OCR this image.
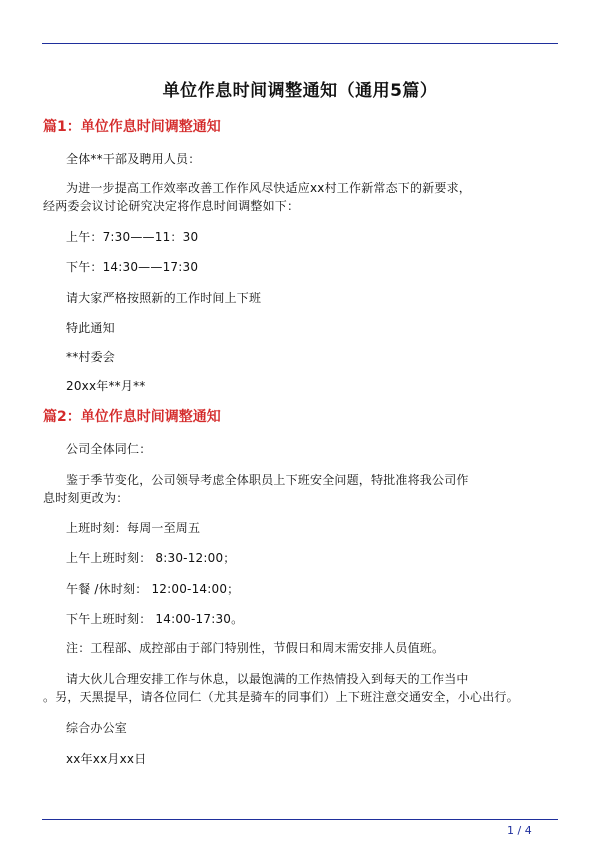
单位作息时间调整通知（通用5篇）
篇1：单位作息时间调整通知
全体**干部及聘用人员：
为进一步提高工作效率改善工作作风尽快适应xx村工作新常态下的新要求，
经两委会议讨论研究决定将作息时间调整如下：
上午：7:30——11：30
下午：14:30——17:30
请大家严格按照新的工作时间上下班
特此通知
**村委会
20xx年**月**
篇2：单位作息时间调整通知
公司全体同仁：
鉴于季节变化，公司领导考虑全体职员上下班安全问题，特批准将我公司作
息时刻更改为：
上班时刻：每周一至周五
上午上班时刻： 8:30-12:00；
午餐 /休时刻： 12:00-14:00；
下午上班时刻： 14:00-17:30。
注：工程部、成控部由于部门特别性，节假日和周末需安排人员值班。
请大伙儿合理安排工作与休息，以最饱满的工作热情投入到每天的工作当中
。另，天黑提早，请各位同仁（尤其是骑车的同事们）上下班注意交通安全，小心出行。
综合办公室
xx年xx月xx日
1 / 4
